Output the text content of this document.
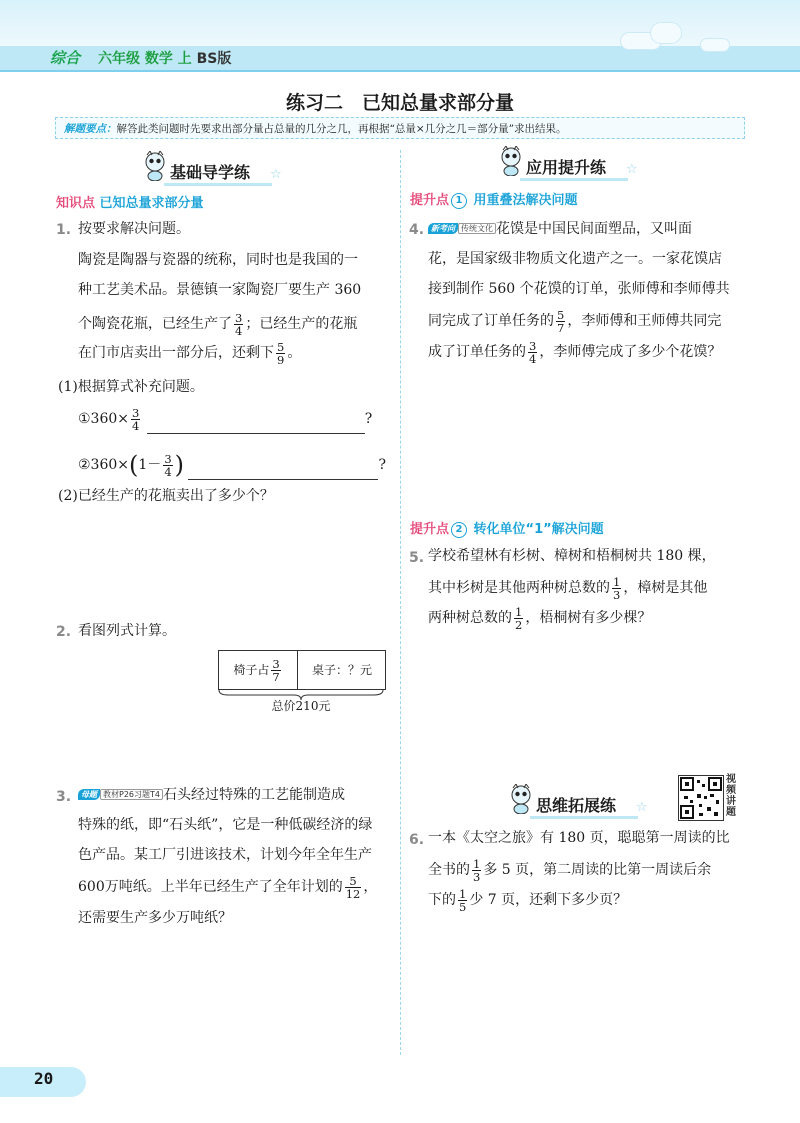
综合 六年级 数学 上 BS版
练习二　已知总量求部分量
解题要点：解答此类问题时先要求出部分量占总量的几分之几，再根据“总量×几分之几＝部分量”求出结果。
基础导学练 ☆
知识点 已知总量求部分量
1. 按要求解决问题。
陶瓷是陶器与瓷器的统称，同时也是我国的一
种工艺美术品。景德镇一家陶瓷厂要生产 360
个陶瓷花瓶，已经生产了 $\frac{3}{4}$ ；已经生产的花瓶
在门市店卖出一部分后，还剩下 $\frac{5}{9}$ 。
(1)根据算式补充问题。
①360× $\frac{3}{4}$	?
②360×(1－ $\frac{3}{4}$ )	?
(2)已经生产的花瓶卖出了多少个？
2. 看图列式计算。
椅子占 $\frac{3}{7}$	桌子：？元
总价210元
3.	母题 教材P26习题T4 石头经过特殊的工艺能制造成
特殊的纸，即“石头纸”，它是一种低碳经济的绿
色产品。某工厂引进该技术，计划今年全年生产
600万吨纸。上半年已经生产了全年计划的 $\frac{5}{12}$ ，
还需要生产多少万吨纸？
应用提升练 ☆
提升点 1 用重叠法解决问题
4. 新考向 传统文化 花馍是中国民间面塑品，又叫面
花，是国家级非物质文化遗产之一。一家花馍店
接到制作 560 个花馍的订单，张师傅和李师傅共
同完成了订单任务的 $\frac{5}{7}$ ，李师傅和王师傅共同完
成了订单任务的 $\frac{3}{4}$ ，李师傅完成了多少个花馍？
提升点 2 转化单位“1”解决问题
5. 学校希望林有杉树、樟树和梧桐树共 180 棵，
其中杉树是其他两种树总数的 $\frac{1}{3}$ ，樟树是其他
两种树总数的 $\frac{1}{2}$ ，梧桐树有多少棵？
思维拓展练 ☆
视频讲题
6. 一本《太空之旅》有 180 页，聪聪第一周读的比
全书的 $\frac{1}{3}$ 多 5 页，第二周读的比第一周读后余
下的 $\frac{1}{5}$ 少 7 页，还剩下多少页？
20
